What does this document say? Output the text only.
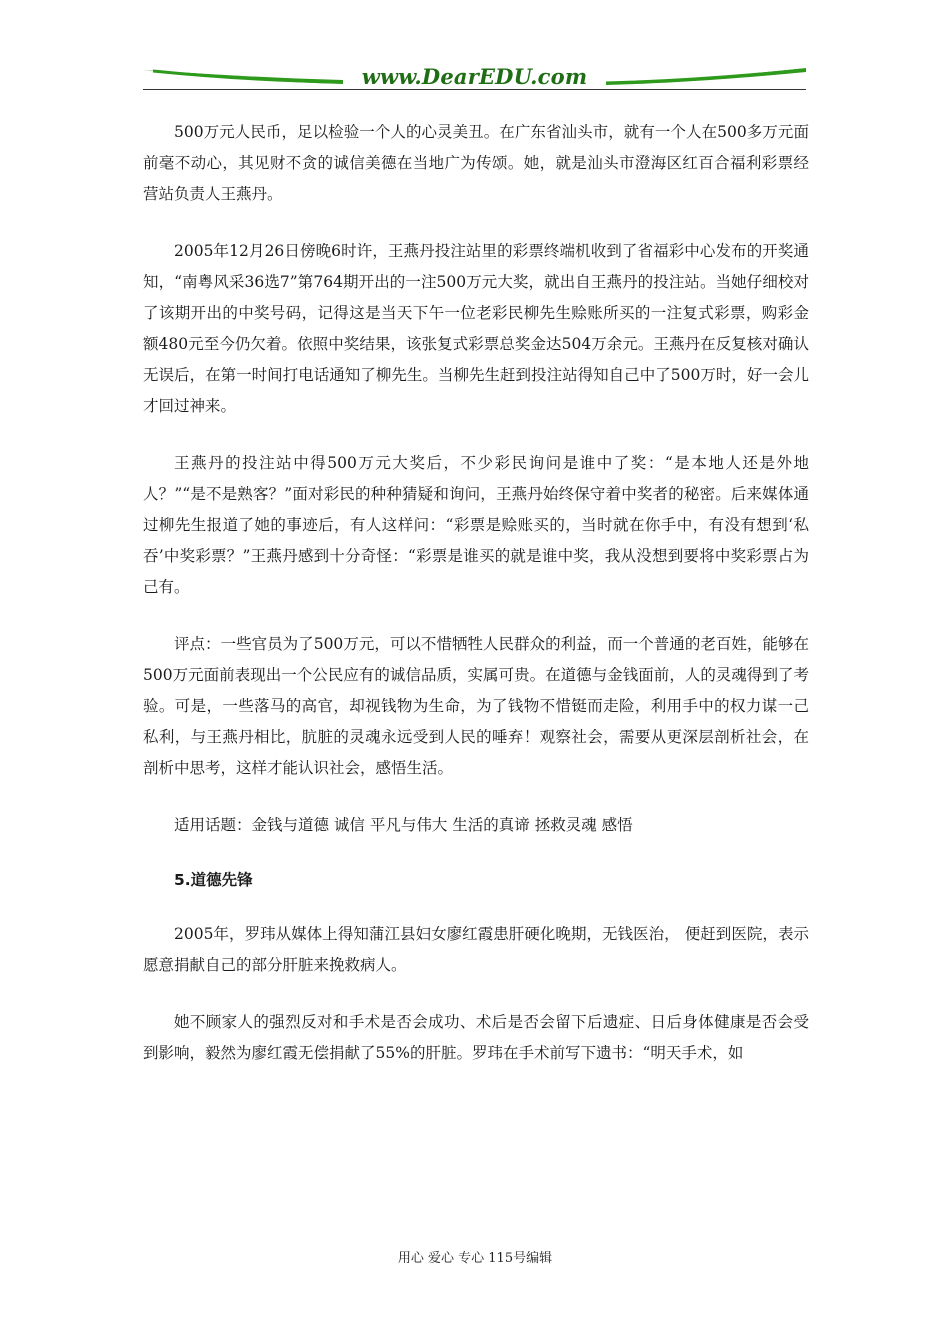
www.DearEDU.com

500万元人民币，足以检验一个人的心灵美丑。在广东省汕头市，就有一个人在500多万元面前毫不动心，其见财不贪的诚信美德在当地广为传颂。她，就是汕头市澄海区红百合福利彩票经营站负责人王燕丹。

2005年12月26日傍晚6时许，王燕丹投注站里的彩票终端机收到了省福彩中心发布的开奖通知，“南粤风采36选7”第764期开出的一注500万元大奖，就出自王燕丹的投注站。当她仔细校对了该期开出的中奖号码，记得这是当天下午一位老彩民柳先生赊账所买的一注复式彩票，购彩金额480元至今仍欠着。依照中奖结果，该张复式彩票总奖金达504万余元。王燕丹在反复核对确认无误后，在第一时间打电话通知了柳先生。当柳先生赶到投注站得知自己中了500万时，好一会儿才回过神来。

王燕丹的投注站中得500万元大奖后，不少彩民询问是谁中了奖：“是本地人还是外地人？”“是不是熟客？”面对彩民的种种猜疑和询问，王燕丹始终保守着中奖者的秘密。后来媒体通过柳先生报道了她的事迹后，有人这样问：“彩票是赊账买的，当时就在你手中，有没有想到‘私吞’中奖彩票？”王燕丹感到十分奇怪：“彩票是谁买的就是谁中奖，我从没想到要将中奖彩票占为己有。

评点：一些官员为了500万元，可以不惜牺牲人民群众的利益，而一个普通的老百姓，能够在500万元面前表现出一个公民应有的诚信品质，实属可贵。在道德与金钱面前，人的灵魂得到了考验。可是，一些落马的高官，却视钱物为生命，为了钱物不惜铤而走险，利用手中的权力谋一己私利，与王燕丹相比，肮脏的灵魂永远受到人民的唾弃！观察社会，需要从更深层剖析社会，在剖析中思考，这样才能认识社会，感悟生活。

适用话题：金钱与道德 诚信 平凡与伟大 生活的真谛 拯救灵魂 感悟

5.道德先锋

2005年，罗玮从媒体上得知蒲江县妇女廖红霞患肝硬化晚期，无钱医治， 便赶到医院，表示愿意捐献自己的部分肝脏来挽救病人。

她不顾家人的强烈反对和手术是否会成功、术后是否会留下后遗症、日后身体健康是否会受到影响，毅然为廖红霞无偿捐献了55%的肝脏。罗玮在手术前写下遗书：“明天手术，如

用心 爱心 专心 115号编辑
